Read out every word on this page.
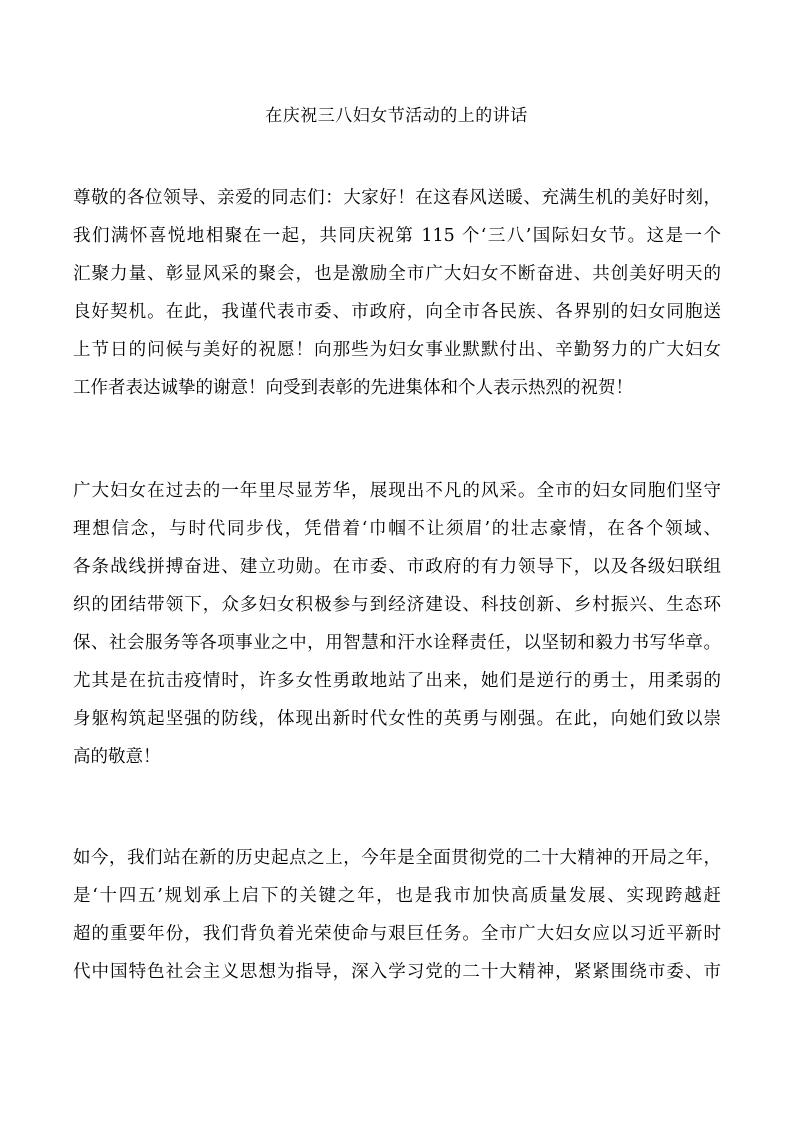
在庆祝三八妇女节活动的上的讲话
尊敬的各位领导、亲爱的同志们：大家好！在这春风送暖、充满生机的美好时刻，
我们满怀喜悦地相聚在一起，共同庆祝第 115 个‘三八’国际妇女节。这是一个
汇聚力量、彰显风采的聚会，也是激励全市广大妇女不断奋进、共创美好明天的
良好契机。在此，我谨代表市委、市政府，向全市各民族、各界别的妇女同胞送
上节日的问候与美好的祝愿！向那些为妇女事业默默付出、辛勤努力的广大妇女
工作者表达诚挚的谢意！向受到表彰的先进集体和个人表示热烈的祝贺！
广大妇女在过去的一年里尽显芳华，展现出不凡的风采。全市的妇女同胞们坚守
理想信念，与时代同步伐，凭借着‘巾帼不让须眉’的壮志豪情，在各个领域、
各条战线拼搏奋进、建立功勋。在市委、市政府的有力领导下，以及各级妇联组
织的团结带领下，众多妇女积极参与到经济建设、科技创新、乡村振兴、生态环
保、社会服务等各项事业之中，用智慧和汗水诠释责任，以坚韧和毅力书写华章。
尤其是在抗击疫情时，许多女性勇敢地站了出来，她们是逆行的勇士，用柔弱的
身躯构筑起坚强的防线，体现出新时代女性的英勇与刚强。在此，向她们致以崇
高的敬意！
如今，我们站在新的历史起点之上，今年是全面贯彻党的二十大精神的开局之年，
是‘十四五’规划承上启下的关键之年，也是我市加快高质量发展、实现跨越赶
超的重要年份，我们背负着光荣使命与艰巨任务。全市广大妇女应以习近平新时
代中国特色社会主义思想为指导，深入学习党的二十大精神，紧紧围绕市委、市
